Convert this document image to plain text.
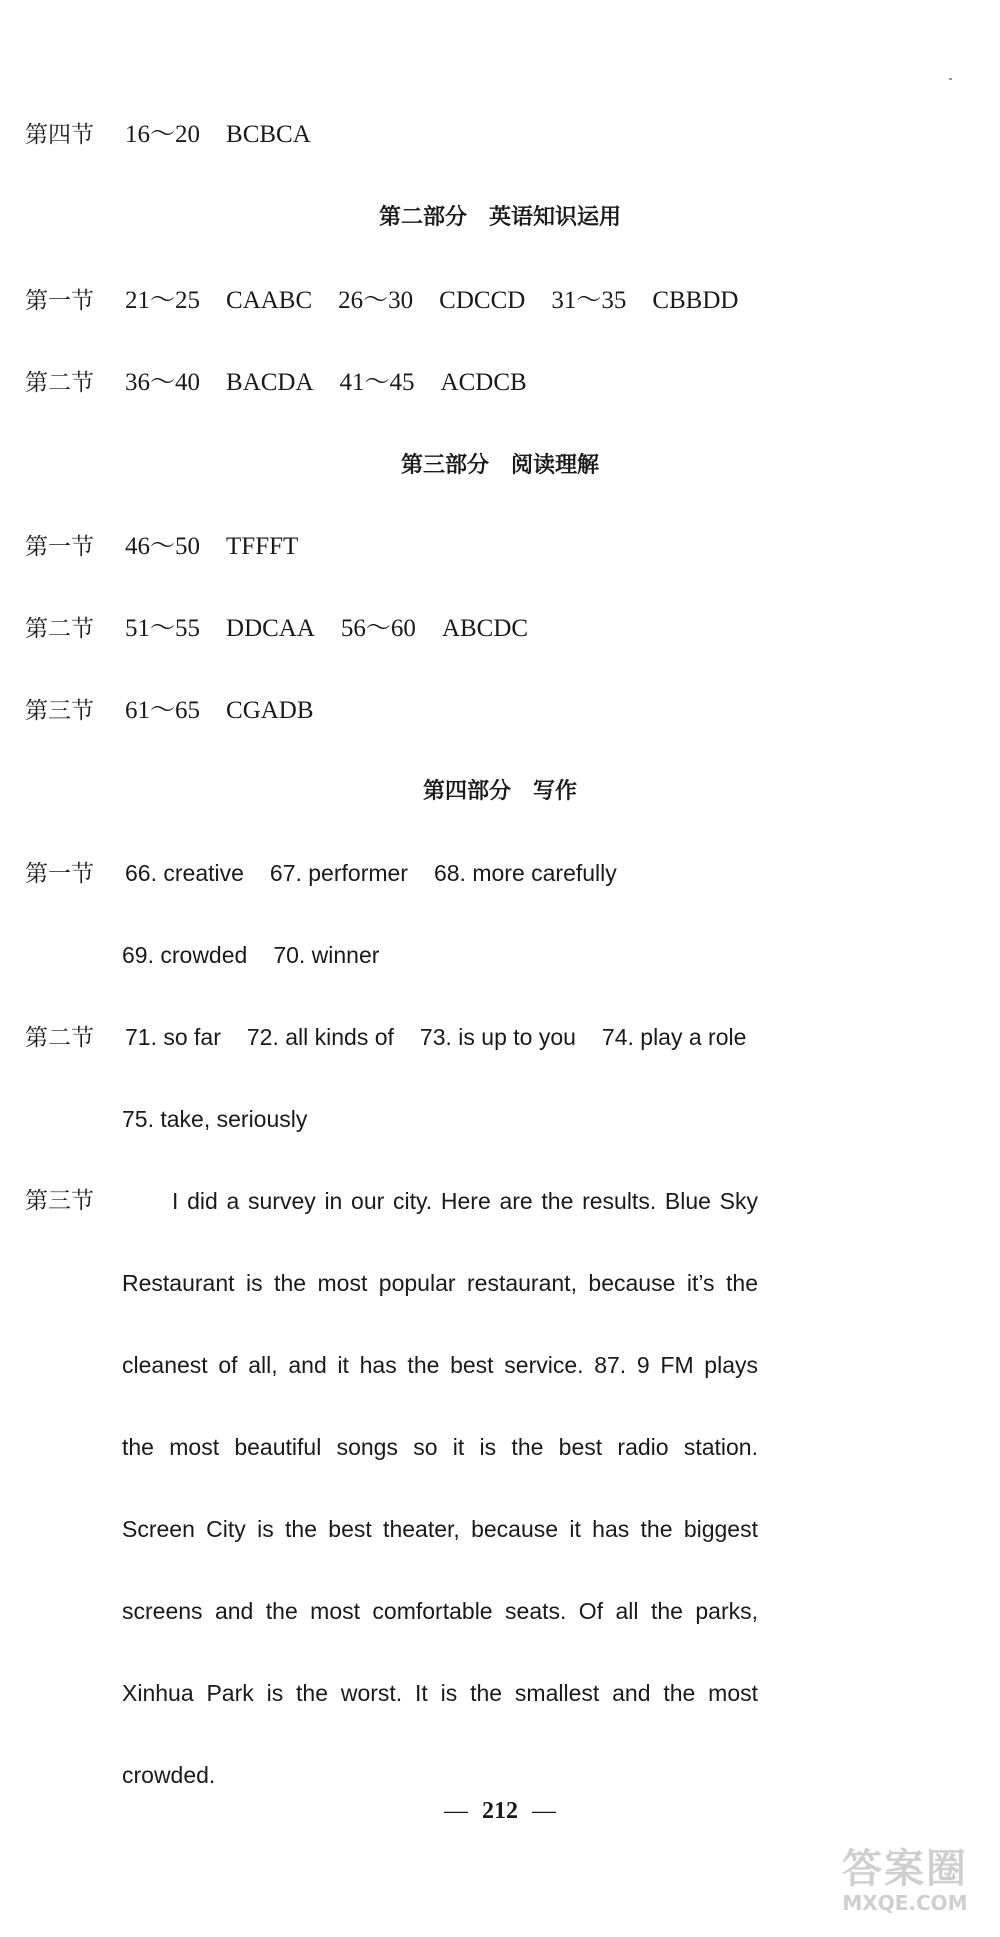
第四节 16～20 BCBCA
第二部分 英语知识运用
第一节 21～25 CAABC 26～30 CDCCD 31～35 CBBDD
第二节 36～40 BACDA 41～45 ACDCB
第三部分 阅读理解
第一节 46～50 TFFFT
第二节 51～55 DDCAA 56～60 ABCDC
第三节 61～65 CGADB
第四部分 写作
第一节 66. creative 67. performer 68. more carefully
69. crowded 70. winner
第二节 71. so far 72. all kinds of 73. is up to you 74. play a role
75. take, seriously
第三节	I did a survey in our city. Here are the results. Blue Sky
Restaurant is the most popular restaurant, because it’s the
cleanest of all, and it has the best service. 87. 9 FM plays
the most beautiful songs so it is the best radio station.
Screen City is the best theater, because it has the biggest
screens and the most comfortable seats. Of all the parks,
Xinhua Park is the worst. It is the smallest and the most
crowded.
— 212 —
答案圈
MXQE.COM
